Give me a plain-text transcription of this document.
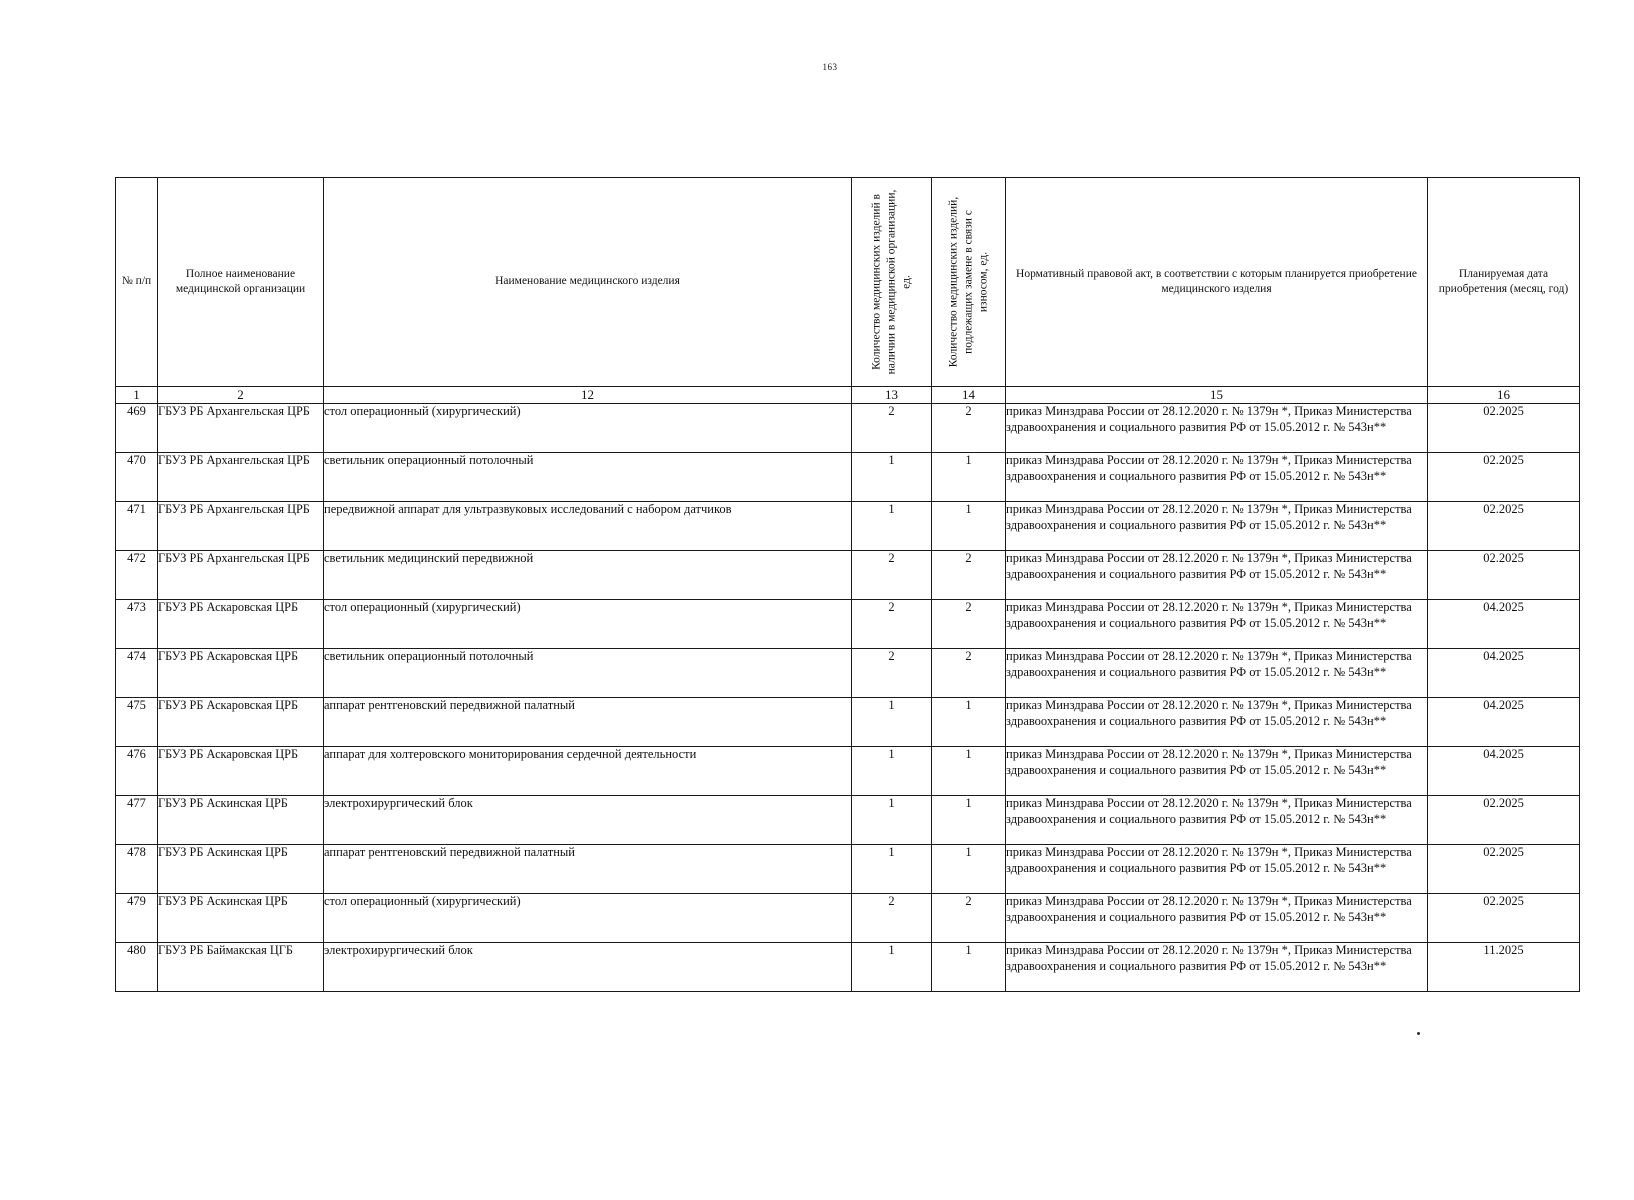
163
№ п/п	Полное наименование медицинской организации	Наименование медицинского изделия	Количество медицинских изделий в наличии в медицинской организации, ед.	Количество медицинских изделий, подлежащих замене в связи с износом, ед.	Нормативный правовой акт, в соответствии с которым планируется приобретение медицинского изделия	Планируемая дата приобретения (месяц, год)
1	2	12	13	14	15	16
469	ГБУЗ РБ Архангельская ЦРБ	стол операционный (хирургический)	2	2	приказ Минздрава России от 28.12.2020 г. № 1379н *, Приказ Министерства здравоохранения и социального развития РФ от 15.05.2012 г. № 543н**	02.2025
470	ГБУЗ РБ Архангельская ЦРБ	светильник операционный потолочный	1	1	приказ Минздрава России от 28.12.2020 г. № 1379н *, Приказ Министерства здравоохранения и социального развития РФ от 15.05.2012 г. № 543н**	02.2025
471	ГБУЗ РБ Архангельская ЦРБ	передвижной аппарат для ультразвуковых исследований с набором датчиков	1	1	приказ Минздрава России от 28.12.2020 г. № 1379н *, Приказ Министерства здравоохранения и социального развития РФ от 15.05.2012 г. № 543н**	02.2025
472	ГБУЗ РБ Архангельская ЦРБ	светильник медицинский передвижной	2	2	приказ Минздрава России от 28.12.2020 г. № 1379н *, Приказ Министерства здравоохранения и социального развития РФ от 15.05.2012 г. № 543н**	02.2025
473	ГБУЗ РБ Аскаровская ЦРБ	стол операционный (хирургический)	2	2	приказ Минздрава России от 28.12.2020 г. № 1379н *, Приказ Министерства здравоохранения и социального развития РФ от 15.05.2012 г. № 543н**	04.2025
474	ГБУЗ РБ Аскаровская ЦРБ	светильник операционный потолочный	2	2	приказ Минздрава России от 28.12.2020 г. № 1379н *, Приказ Министерства здравоохранения и социального развития РФ от 15.05.2012 г. № 543н**	04.2025
475	ГБУЗ РБ Аскаровская ЦРБ	аппарат рентгеновский передвижной палатный	1	1	приказ Минздрава России от 28.12.2020 г. № 1379н *, Приказ Министерства здравоохранения и социального развития РФ от 15.05.2012 г. № 543н**	04.2025
476	ГБУЗ РБ Аскаровская ЦРБ	аппарат для холтеровского мониторирования сердечной деятельности	1	1	приказ Минздрава России от 28.12.2020 г. № 1379н *, Приказ Министерства здравоохранения и социального развития РФ от 15.05.2012 г. № 543н**	04.2025
477	ГБУЗ РБ Аскинская ЦРБ	электрохирургический блок	1	1	приказ Минздрава России от 28.12.2020 г. № 1379н *, Приказ Министерства здравоохранения и социального развития РФ от 15.05.2012 г. № 543н**	02.2025
478	ГБУЗ РБ Аскинская ЦРБ	аппарат рентгеновский передвижной палатный	1	1	приказ Минздрава России от 28.12.2020 г. № 1379н *, Приказ Министерства здравоохранения и социального развития РФ от 15.05.2012 г. № 543н**	02.2025
479	ГБУЗ РБ Аскинская ЦРБ	стол операционный (хирургический)	2	2	приказ Минздрава России от 28.12.2020 г. № 1379н *, Приказ Министерства здравоохранения и социального развития РФ от 15.05.2012 г. № 543н**	02.2025
480	ГБУЗ РБ Баймакская ЦГБ	электрохирургический блок	1	1	приказ Минздрава России от 28.12.2020 г. № 1379н *, Приказ Министерства здравоохранения и социального развития РФ от 15.05.2012 г. № 543н**	11.2025
